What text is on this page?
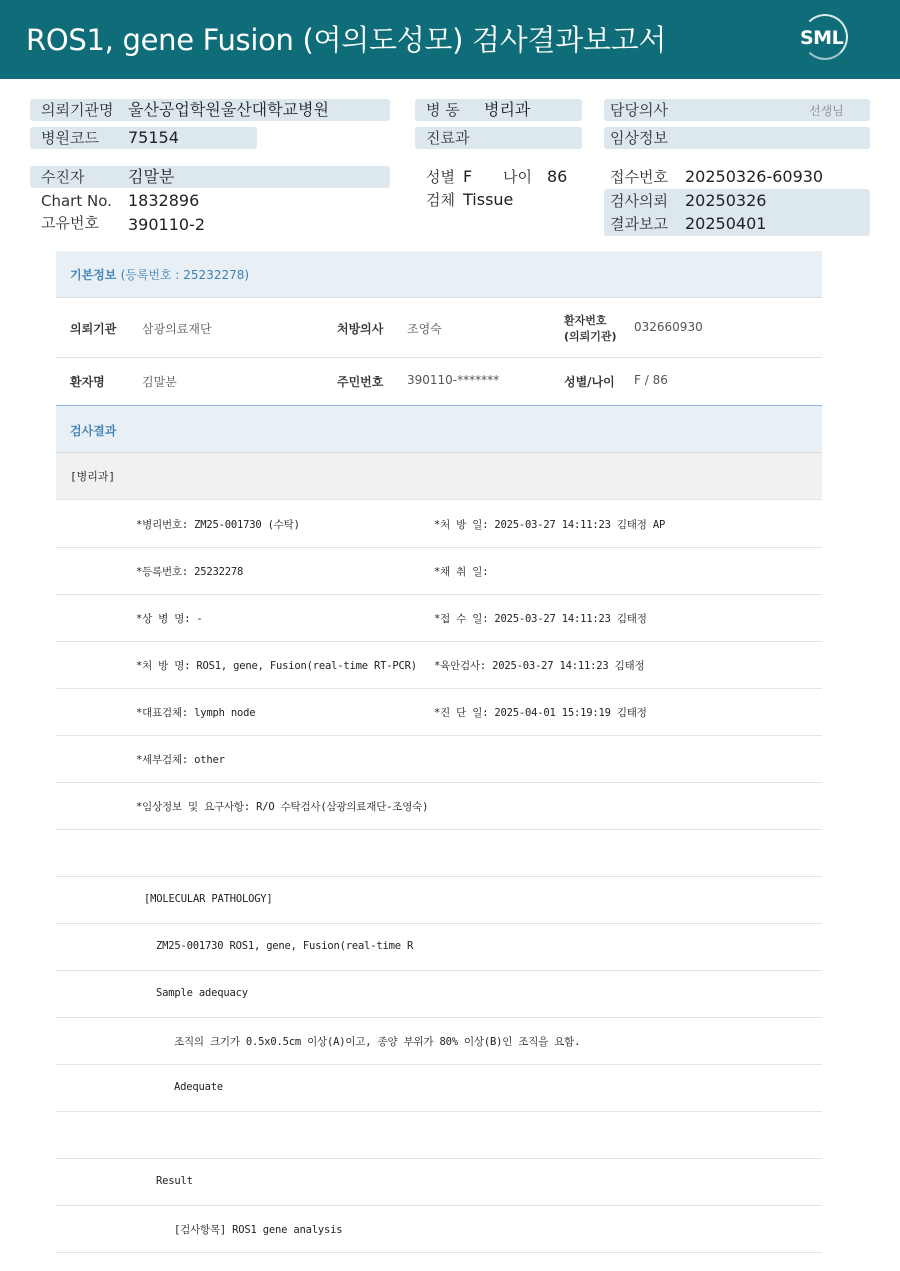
ROS1, gene Fusion (여의도성모) 검사결과보고서	SML
의뢰기관명 울산공업학원울산대학교병원
병원코드 75154
병 동 병리과
진료과
담당의사	선생님
임상정보
수진자	김말분
Chart No. 1832896
고유번호 390110-2
성별 F 나이 86
검체 Tissue
접수번호 20250326-60930
검사의뢰 20250326
결과보고 20250401
기본정보 (등록번호 : 25232278)
의뢰기관 삼광의료재단	처방의사 조영숙
환자번호
(의뢰기관)
032660930
환자명	김말분	주민번호 390110-*******	성별/나이 F / 86
검사결과
[병리과]
*병리번호: ZM25-001730 (수탁)	*처 방 일: 2025-03-27 14:11:23 김태정 AP
*등록번호: 25232278	*채 취 일:
*상 병 명: -	*접 수 일: 2025-03-27 14:11:23 김태정
*처 방 명: ROS1, gene, Fusion(real-time RT-PCR) *육안검사: 2025-03-27 14:11:23 김태정
*대표검체: lymph node	*진 단 일: 2025-04-01 15:19:19 김태정
*세부검체: other
*임상정보 및 요구사항: R/O 수탁검사(삼광의료재단-조영숙)
[MOLECULAR PATHOLOGY]
ZM25-001730 ROS1, gene, Fusion(real-time R
Sample adequacy
조직의 크기가 0.5x0.5cm 이상(A)이고, 종양 부위가 80% 이상(B)인 조직을 요함.
Adequate
Result
[검사항목] ROS1 gene analysis
